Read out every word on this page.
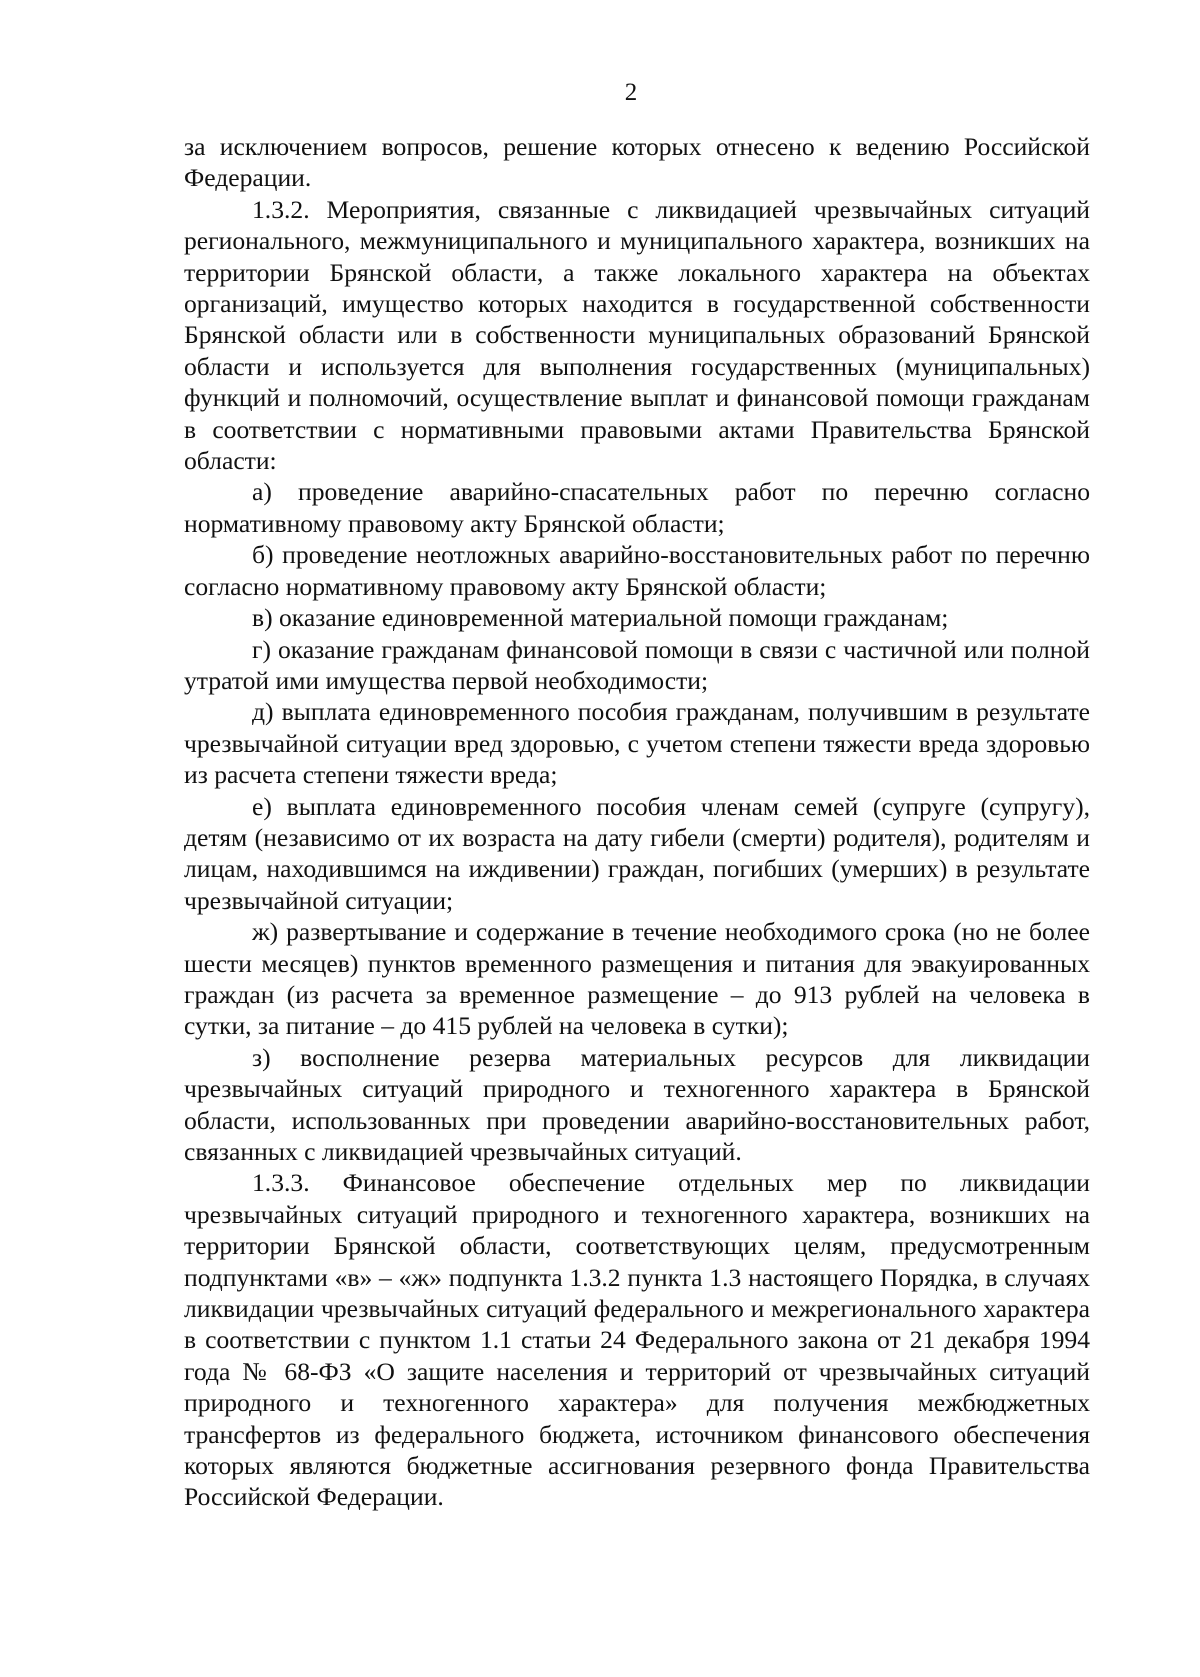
2

за исключением вопросов, решение которых отнесено к ведению Российской Федерации.

1.3.2. Мероприятия, связанные с ликвидацией чрезвычайных ситуаций регионального, межмуниципального и муниципального характера, возникших на территории Брянской области, а также локального характера на объектах организаций, имущество которых находится в государственной собственности Брянской области или в собственности муниципальных образований Брянской области и используется для выполнения государственных (муниципальных) функций и полномочий, осуществление выплат и финансовой помощи гражданам в соответствии с нормативными правовыми актами Правительства Брянской области:

а) проведение аварийно-спасательных работ по перечню согласно нормативному правовому акту Брянской области;

б) проведение неотложных аварийно-восстановительных работ по перечню согласно нормативному правовому акту Брянской области;

в) оказание единовременной материальной помощи гражданам;

г) оказание гражданам финансовой помощи в связи с частичной или полной утратой ими имущества первой необходимости;

д) выплата единовременного пособия гражданам, получившим в результате чрезвычайной ситуации вред здоровью, с учетом степени тяжести вреда здоровью из расчета степени тяжести вреда;

е) выплата единовременного пособия членам семей (супруге (супругу), детям (независимо от их возраста на дату гибели (смерти) родителя), родителям и лицам, находившимся на иждивении) граждан, погибших (умерших) в результате чрезвычайной ситуации;

ж) развертывание и содержание в течение необходимого срока (но не более шести месяцев) пунктов временного размещения и питания для эвакуированных граждан (из расчета за временное размещение – до 913 рублей на человека в сутки, за питание – до 415 рублей на человека в сутки);

з) восполнение резерва материальных ресурсов для ликвидации чрезвычайных ситуаций природного и техногенного характера в Брянской области, использованных при проведении аварийно-восстановительных работ, связанных с ликвидацией чрезвычайных ситуаций.

1.3.3. Финансовое обеспечение отдельных мер по ликвидации чрезвычайных ситуаций природного и техногенного характера, возникших на территории Брянской области, соответствующих целям, предусмотренным подпунктами «в» – «ж» подпункта 1.3.2 пункта 1.3 настоящего Порядка, в случаях ликвидации чрезвычайных ситуаций федерального и межрегионального характера в соответствии с пунктом 1.1 статьи 24 Федерального закона от 21 декабря 1994 года № 68-ФЗ «О защите населения и территорий от чрезвычайных ситуаций природного и техногенного характера» для получения межбюджетных трансфертов из федерального бюджета, источником финансового обеспечения которых являются бюджетные ассигнования резервного фонда Правительства Российской Федерации.
